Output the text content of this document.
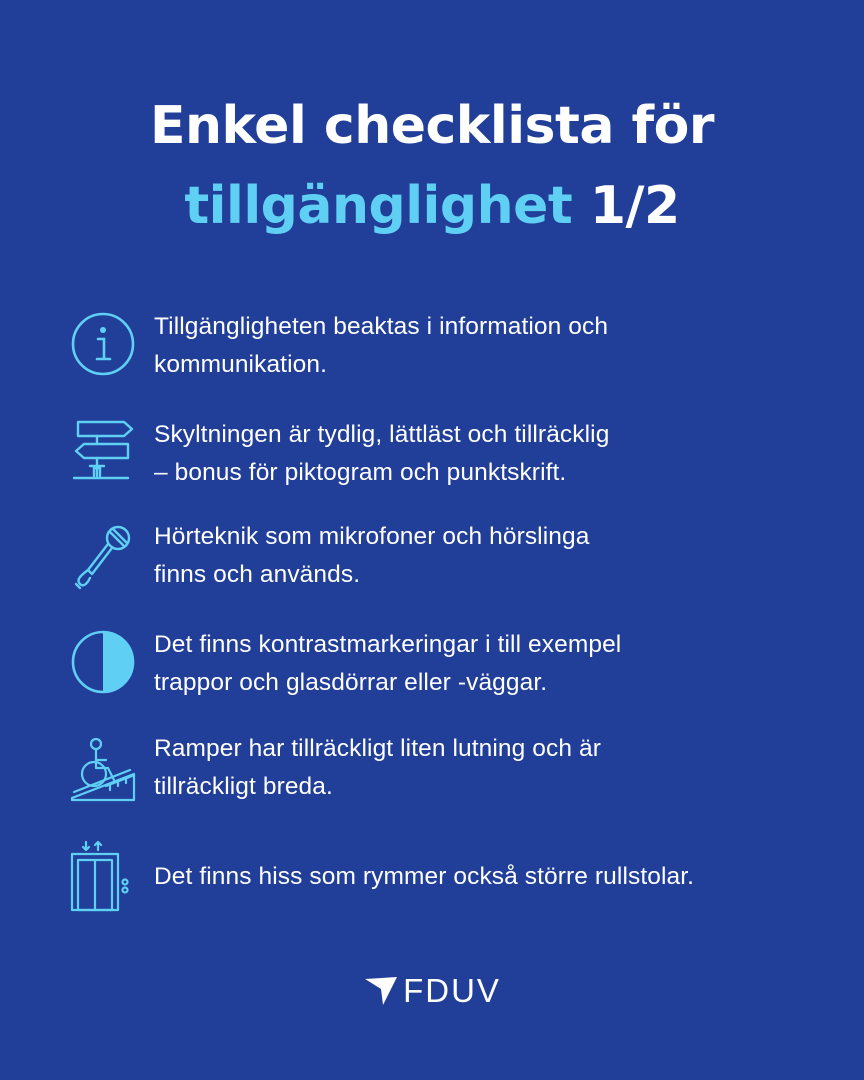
Enkel checklista för
tillgänglighet 1/2
Tillgängligheten beaktas i information och
kommunikation.
Skyltningen är tydlig, lättläst och tillräcklig
– bonus för piktogram och punktskrift.
Hörteknik som mikrofoner och hörslinga
finns och används.
Det finns kontrastmarkeringar i till exempel
trappor och glasdörrar eller -väggar.
Ramper har tillräckligt liten lutning och är
tillräckligt breda.
Det finns hiss som rymmer också större rullstolar.
FDUV
